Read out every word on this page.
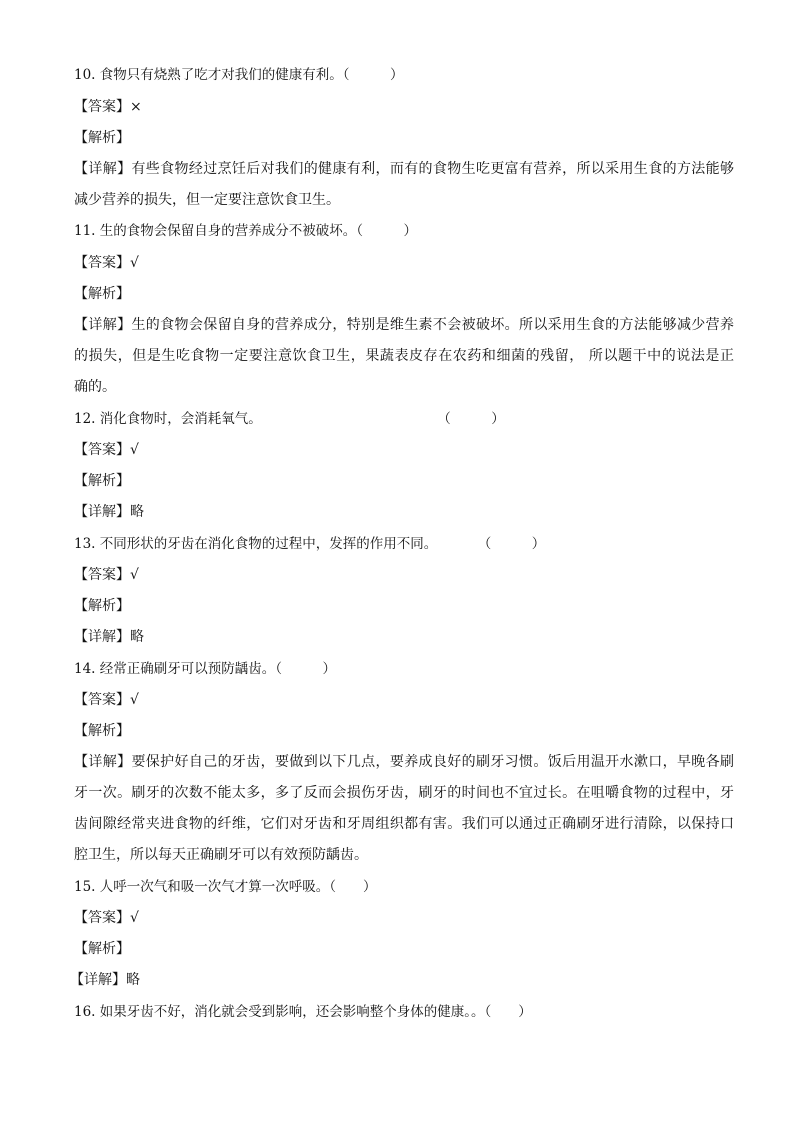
10. 食物只有烧熟了吃才对我们的健康有利。（　　　）
【答案】×
【解析】
【详解】有些食物经过烹饪后对我们的健康有利，而有的食物生吃更富有营养，所以采用生食的方法能够
减少营养的损失，但一定要注意饮食卫生。
11. 生的食物会保留自身的营养成分不被破坏。（　　　）
【答案】√
【解析】
【详解】生的食物会保留自身的营养成分，特别是维生素不会被破坏。所以采用生食的方法能够减少营养
的损失，但是生吃食物一定要注意饮食卫生，果蔬表皮存在农药和细菌的残留， 所以题干中的说法是正
确的。
12. 消化食物时，会消耗氧气。　　　　　　　　　　　　　　（　　　）
【答案】√
【解析】
【详解】略
13. 不同形状的牙齿在消化食物的过程中，发挥的作用不同。　　　　（　　　）
【答案】√
【解析】
【详解】略
14. 经常正确刷牙可以预防龋齿。（　　　）
【答案】√
【解析】
【详解】要保护好自己的牙齿，要做到以下几点，要养成良好的刷牙习惯。饭后用温开水漱口，早晚各刷
牙一次。刷牙的次数不能太多，多了反而会损伤牙齿，刷牙的时间也不宜过长。在咀嚼食物的过程中，牙
齿间隙经常夹进食物的纤维，它们对牙齿和牙周组织都有害。我们可以通过正确刷牙进行清除，以保持口
腔卫生，所以每天正确刷牙可以有效预防龋齿。
15. 人呼一次气和吸一次气才算一次呼吸。（　　）
【答案】√
【解析】
【详解】略
16. 如果牙齿不好，消化就会受到影响，还会影响整个身体的健康。。（　　）
